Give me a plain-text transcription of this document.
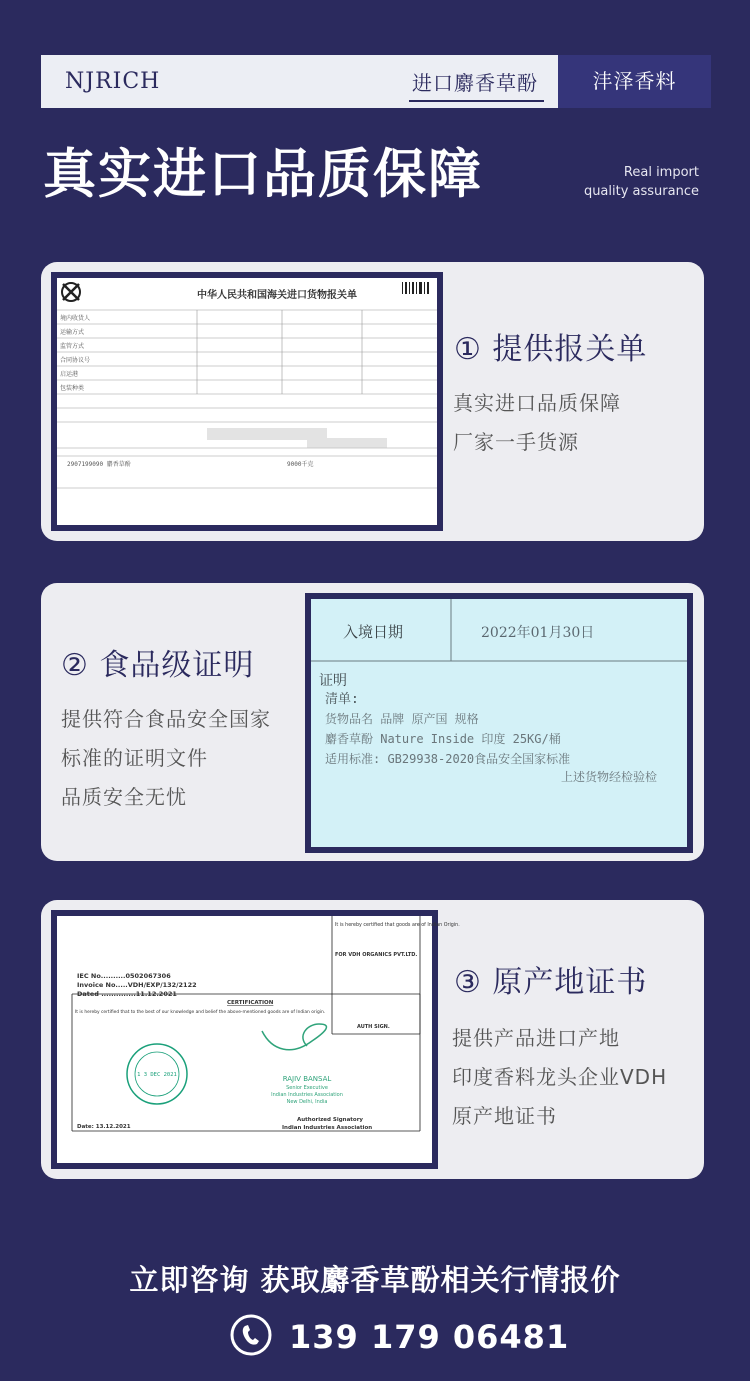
NJRICH	进口麝香草酚	沣泽香料
真实进口品质保障	Real import
quality assurance
中华人民共和国海关进口货物报关单
境内收货人
运输方式
监管方式
合同协议号
启运港
包装种类
2907199090 麝香草酚	9000千克
① 提供报关单
真实进口品质保障
厂家一手货源
② 食品级证明
提供符合食品安全国家
标准的证明文件
品质安全无忧
入境日期	2022年01月30日
证明
清单:
货物品名 品牌 原产国 规格
麝香草酚 Nature Inside 印度 25KG/桶
适用标准: GB29938-2020食品安全国家标准
上述货物经检验检
It is hereby certified that goods are of Indian Origin.
FOR VDH ORGANICS PVT.LTD.
AUTH SIGN.
IEC No..........0502067306
Invoice No.....VDH/EXP/132/2122
Dated ..............11.12.2021
CERTIFICATION
It is hereby certified that to the best of our knowledge and belief the above-mentioned goods are of Indian origin.
1 3 DEC 2021	RAJIV BANSAL
Senior Executive
Indian Industries Association
New Delhi, India
Authorized Signatory
Indian Industries Association
Date: 13.12.2021
③ 原产地证书
提供产品进口产地
印度香料龙头企业VDH
原产地证书
立即咨询 获取麝香草酚相关行情报价
139 179 06481
